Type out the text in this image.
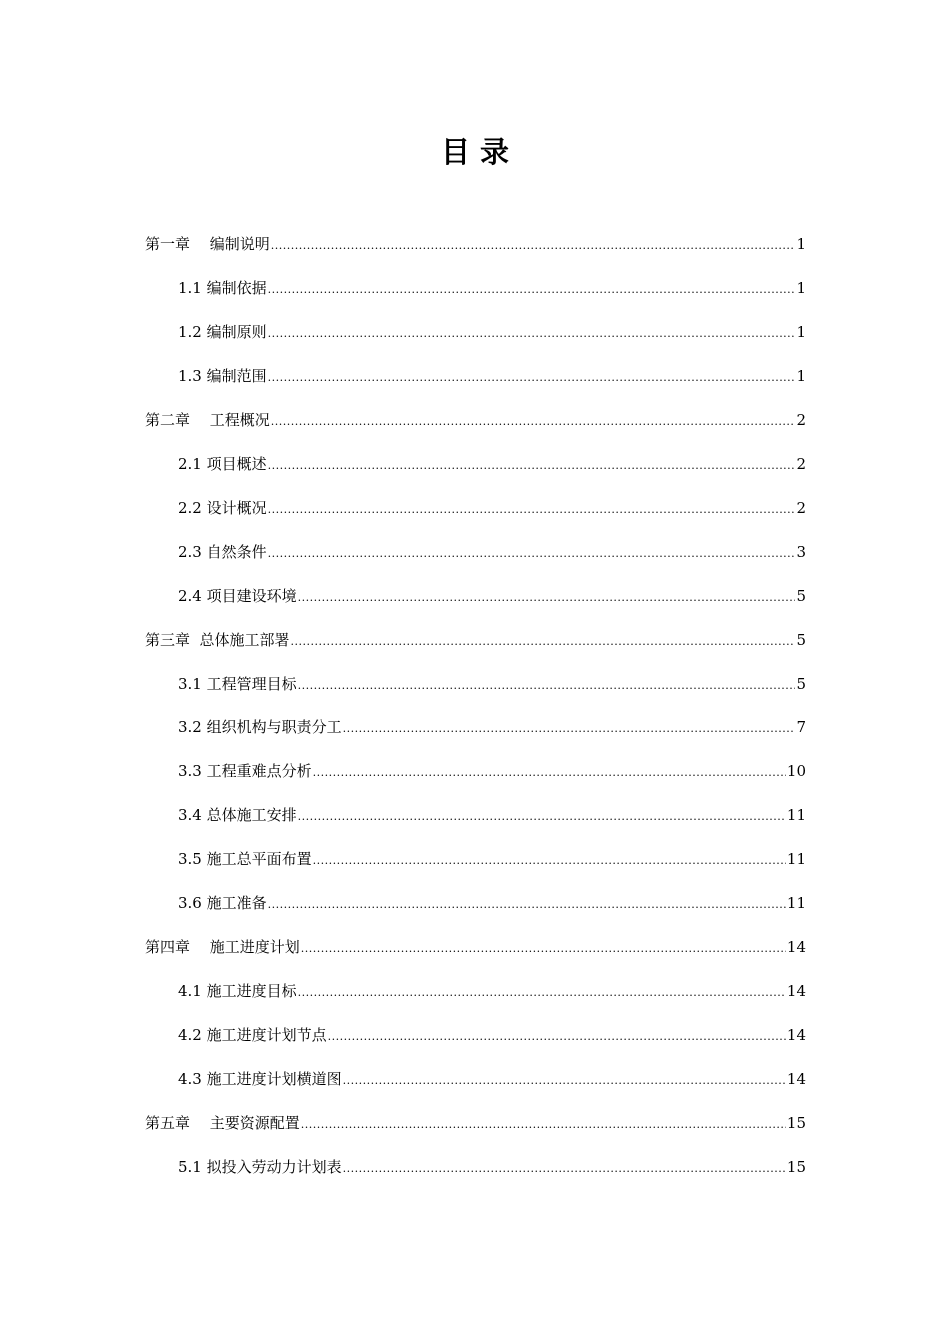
目录
第一章　 编制说明 .....	1
1.1 编制依据 .....	1
1.2 编制原则 .....	1
1.3 编制范围 .....	1
第二章　 工程概况 .....	2
2.1 项目概述 .....	2
2.2 设计概况 .....	2
2.3 自然条件 .....	3
2.4 项目建设环境 .....	5
第三章  总体施工部署 .....	5
3.1 工程管理目标 .....	5
3.2 组织机构与职责分工 .....	7
3.3 工程重难点分析 .....	10
3.4 总体施工安排 .....	11
3.5 施工总平面布置 .....	11
3.6 施工准备 .....	11
第四章　 施工进度计划 .....	14
4.1 施工进度目标 .....	14
4.2 施工进度计划节点 .....	14
4.3 施工进度计划横道图 .....	14
第五章　 主要资源配置 .....	15
5.1 拟投入劳动力计划表 .....	15
